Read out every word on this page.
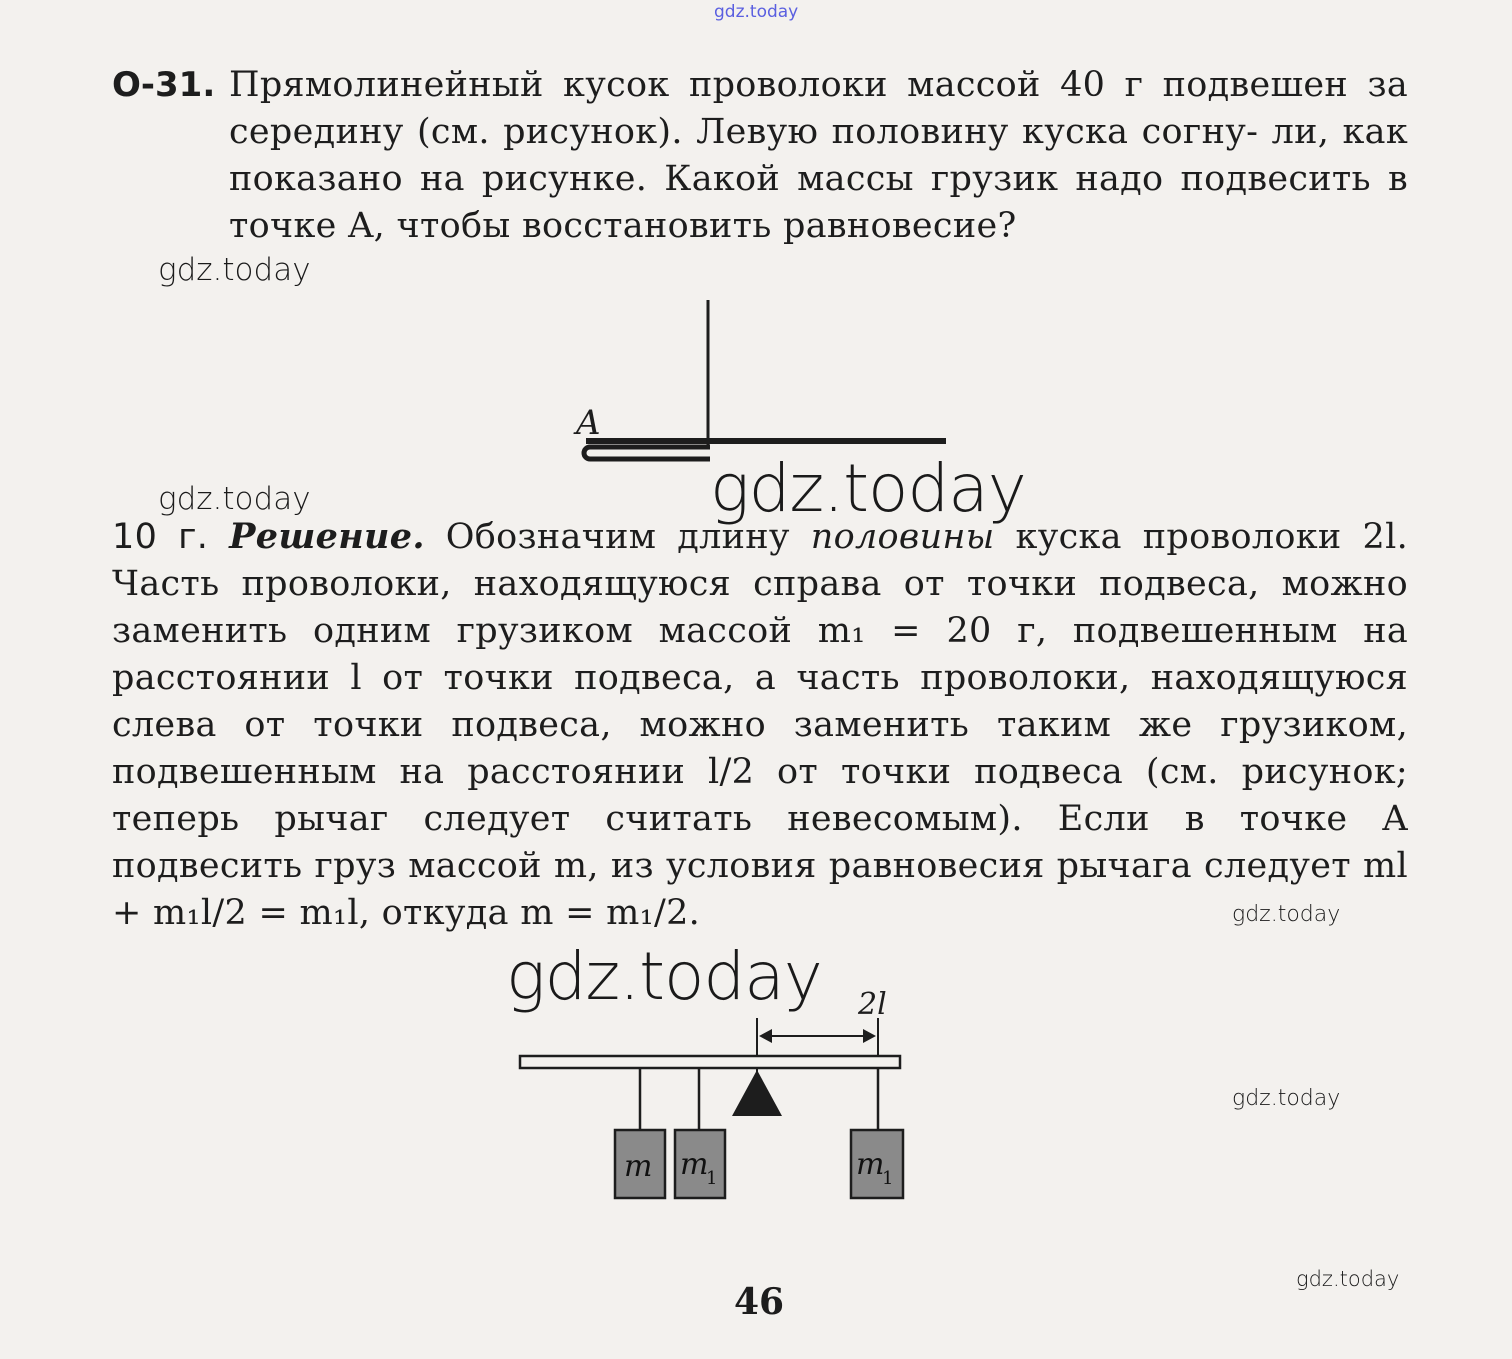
gdz.today
О-31. Прямолинейный кусок проволоки массой 40 г подвешен за середину (см. рисунок). Левую половину куска согну- ли, как показано на рисунке. Какой массы грузик надо подвесить в точке A, чтобы восстановить равновесие?
gdz.today
A
gdz.today	gdz.today
10 г. Решение. Обозначим длину половины куска проволоки 2l. Часть проволоки, находящуюся справа от точки подвеса, можно заменить одним грузиком массой m₁ = 20 г, подвешенным на расстоянии l от точки подвеса, а часть проволоки, находящуюся слева от точки подвеса, можно заменить таким же грузиком, подвешенным на расстоянии l/2 от точки подвеса (см. рисунок; теперь рычаг следует считать невесомым). Если в точке A подвесить груз массой m, из условия равновесия рычага следует ml + m₁l/2 = m₁l, откуда m = m₁/2.	gdz.today
gdz.today 2l
m m
1	m
1
gdz.today
46
gdz.today
